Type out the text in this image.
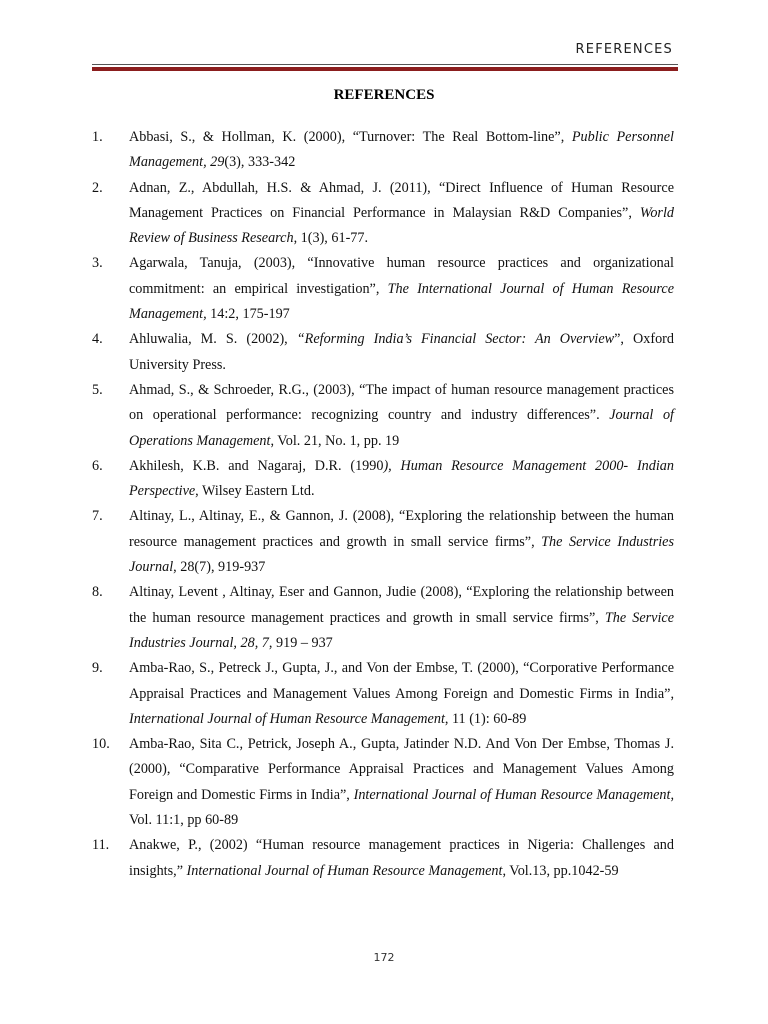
REFERENCES
REFERENCES
1.	Abbasi, S., & Hollman, K. (2000), “Turnover: The Real Bottom-line”, Public Personnel Management, 29(3), 333-342
2.	Adnan, Z., Abdullah, H.S. & Ahmad, J. (2011), “Direct Influence of Human Resource Management Practices on Financial Performance in Malaysian R&D Companies”, World Review of Business Research, 1(3), 61-77.
3.	Agarwala, Tanuja, (2003), “Innovative human resource practices and organizational commitment: an empirical investigation”, The International Journal of Human Resource Management, 14:2, 175-197
4.	Ahluwalia, M. S. (2002), “Reforming India’s Financial Sector: An Overview”, Oxford University Press.
5.	Ahmad, S., & Schroeder, R.G., (2003), “The impact of human resource management practices on operational performance: recognizing country and industry differences”. Journal of Operations Management, Vol. 21, No. 1, pp. 19
6.	Akhilesh, K.B. and Nagaraj, D.R. (1990), Human Resource Management 2000- Indian Perspective, Wilsey Eastern Ltd.
7.	Altinay, L., Altinay, E., & Gannon, J. (2008), “Exploring the relationship between the human resource management practices and growth in small service firms”, The Service Industries Journal, 28(7), 919-937
8.	Altinay, Levent , Altinay, Eser and Gannon, Judie (2008), “Exploring the relationship between the human resource management practices and growth in small service firms”, The Service Industries Journal, 28, 7, 919 – 937
9.	Amba-Rao, S., Petreck J., Gupta, J., and Von der Embse, T. (2000), “Corporative Performance Appraisal Practices and Management Values Among Foreign and Domestic Firms in India”, International Journal of Human Resource Management, 11 (1): 60-89
10.	Amba-Rao, Sita C., Petrick, Joseph A., Gupta, Jatinder N.D. And Von Der Embse, Thomas J. (2000), “Comparative Performance Appraisal Practices and Management Values Among Foreign and Domestic Firms in India”, International Journal of Human Resource Management, Vol. 11:1, pp 60-89
11.	Anakwe, P., (2002) “Human resource management practices in Nigeria: Challenges and insights,” International Journal of Human Resource Management, Vol.13, pp.1042-59
172
